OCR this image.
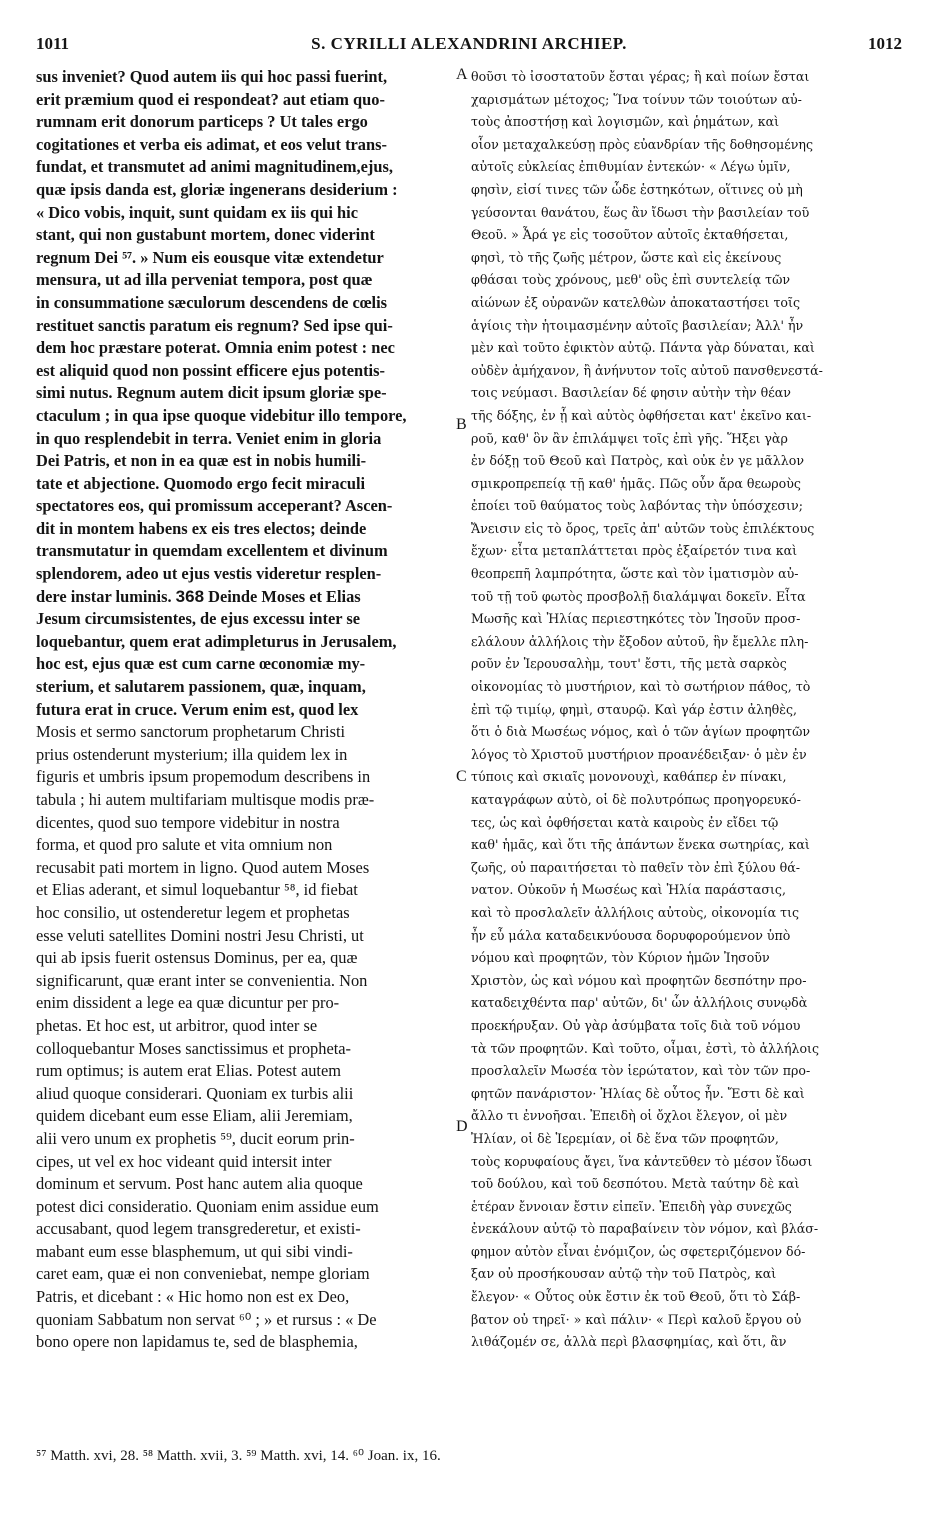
1011	S. CYRILLI ALEXANDRINI ARCHIEP.	1012
sus inveniet? Quod autem iis qui hoc passi fuerint,
erit præmium quod ei respondeat? aut etiam quo-
rumnam erit donorum particeps ? Ut tales ergo
cogitationes et verba eis adimat, et eos velut trans-
fundat, et transmutet ad animi magnitudinem,ejus,
quæ ipsis danda est, gloriæ ingenerans desiderium :
« Dico vobis, inquit, sunt quidam ex iis qui hic
stant, qui non gustabunt mortem, donec viderint
regnum Dei ⁵⁷. » Num eis eousque vitæ extendetur
mensura, ut ad illa perveniat tempora, post quæ
in consummatione sæculorum descendens de cœlis
restituet sanctis paratum eis regnum? Sed ipse qui-
dem hoc præstare poterat. Omnia enim potest : nec
est aliquid quod non possint efficere ejus potentis-
simi nutus. Regnum autem dicit ipsum gloriæ spe-
ctaculum ; in qua ipse quoque videbitur illo tempore,
in quo resplendebit in terra. Veniet enim in gloria
Dei Patris, et non in ea quæ est in nobis humili-
tate et abjectione. Quomodo ergo fecit miraculi
spectatores eos, qui promissum acceperant? Ascen-
dit in montem habens ex eis tres electos; deinde
transmutatur in quemdam excellentem et divinum
splendorem, adeo ut ejus vestis videretur resplen-
dere instar luminis. 368 Deinde Moses et Elias
Jesum circumsistentes, de ejus excessu inter se
loquebantur, quem erat adimpleturus in Jerusalem,
hoc est, ejus quæ est cum carne œconomiæ my-
sterium, et salutarem passionem, quæ, inquam,
futura erat in cruce. Verum enim est, quod lex
Mosis et sermo sanctorum prophetarum Christi
prius ostenderunt mysterium; illa quidem lex in
figuris et umbris ipsum propemodum describens in
tabula ; hi autem multifariam multisque modis præ-
dicentes, quod suo tempore videbitur in nostra
forma, et quod pro salute et vita omnium non
recusabit pati mortem in ligno. Quod autem Moses
et Elias aderant, et simul loquebantur ⁵⁸, id fiebat
hoc consilio, ut ostenderetur legem et prophetas
esse veluti satellites Domini nostri Jesu Christi, ut
qui ab ipsis fuerit ostensus Dominus, per ea, quæ
significarunt, quæ erant inter se convenientia. Non
enim dissident a lege ea quæ dicuntur per pro-
phetas. Et hoc est, ut arbitror, quod inter se
colloquebantur Moses sanctissimus et propheta-
rum optimus; is autem erat Elias. Potest autem
aliud quoque considerari. Quoniam ex turbis alii
quidem dicebant eum esse Eliam, alii Jeremiam,
alii vero unum ex prophetis ⁵⁹, ducit eorum prin-
cipes, ut vel ex hoc videant quid intersit inter
dominum et servum. Post hanc autem alia quoque
potest dici consideratio. Quoniam enim assidue eum
accusabant, quod legem transgrederetur, et existi-
mabant eum esse blasphemum, ut qui sibi vindi-
caret eam, quæ ei non conveniebat, nempe gloriam
Patris, et dicebant : « Hic homo non est ex Deo,
quoniam Sabbatum non servat ⁶⁰ ; » et rursus : « De
bono opere non lapidamus te, sed de blasphemia,
θοῦσι τὸ ἰσοστατοῦν ἔσται γέρας; ἢ καὶ ποίων ἔσται
χαρισμάτων μέτοχος; Ἵνα τοίνυν τῶν τοιούτων αὐ-
τοὺς ἀποστήσῃ καὶ λογισμῶν, καὶ ῥημάτων, καὶ
οἷον μεταχαλκεύσῃ πρὸς εὐανδρίαν τῆς δοθησομένης
αὐτοῖς εὐκλείας ἐπιθυμίαν ἐντεκών· « Λέγω ὑμῖν,
φησὶν, εἰσί τινες τῶν ὧδε ἑστηκότων, οἵτινες οὐ μὴ
γεύσονται θανάτου, ἕως ἂν ἴδωσι τὴν βασιλείαν τοῦ
Θεοῦ. » Ἆρά γε εἰς τοσοῦτον αὐτοῖς ἐκταθήσεται,
φησὶ, τὸ τῆς ζωῆς μέτρον, ὥστε καὶ εἰς ἐκείνους
φθάσαι τοὺς χρόνους, μεθ' οὓς ἐπὶ συντελείᾳ τῶν
αἰώνων ἐξ οὐρανῶν κατελθὼν ἀποκαταστήσει τοῖς
ἁγίοις τὴν ἡτοιμασμένην αὐτοῖς βασιλείαν; Ἀλλ' ἦν
μὲν καὶ τοῦτο ἐφικτὸν αὐτῷ. Πάντα γὰρ δύναται, καὶ
οὐδὲν ἀμήχανον, ἢ ἀνήνυτον τοῖς αὐτοῦ πανσθενεστά-
τοις νεύμασι. Βασιλείαν δέ φησιν αὐτὴν τὴν θέαν
τῆς δόξης, ἐν ᾗ καὶ αὐτὸς ὀφθήσεται κατ' ἐκεῖνο και-
ροῦ, καθ' ὃν ἂν ἐπιλάμψει τοῖς ἐπὶ γῆς. Ἥξει γὰρ
ἐν δόξῃ τοῦ Θεοῦ καὶ Πατρὸς, καὶ οὐκ ἐν γε μᾶλλον
σμικροπρεπείᾳ τῇ καθ' ἡμᾶς. Πῶς οὖν ἄρα θεωροὺς
ἐποίει τοῦ θαύματος τοὺς λαβόντας τὴν ὑπόσχεσιν;
Ἄνεισιν εἰς τὸ ὄρος, τρεῖς ἀπ' αὐτῶν τοὺς ἐπιλέκτους
ἔχων· εἶτα μεταπλάττεται πρὸς ἐξαίρετόν τινα καὶ
θεοπρεπῆ λαμπρότητα, ὥστε καὶ τὸν ἱματισμὸν αὐ-
τοῦ τῇ τοῦ φωτὸς προσβολῇ διαλάμψαι δοκεῖν. Εἶτα
Μωσῆς καὶ Ἠλίας περιεστηκότες τὸν Ἰησοῦν προσ-
ελάλουν ἀλλήλοις τὴν ἔξοδον αὐτοῦ, ἣν ἔμελλε πλη-
ροῦν ἐν Ἱερουσαλὴμ, τουτ' ἔστι, τῆς μετὰ σαρκὸς
οἰκονομίας τὸ μυστήριον, καὶ τὸ σωτήριον πάθος, τὸ
ἐπὶ τῷ τιμίῳ, φημὶ, σταυρῷ. Καὶ γάρ ἐστιν ἀληθὲς,
ὅτι ὁ διὰ Μωσέως νόμος, καὶ ὁ τῶν ἁγίων προφητῶν
λόγος τὸ Χριστοῦ μυστήριον προανέδειξαν· ὁ μὲν ἐν
τύποις καὶ σκιαῖς μονονουχὶ, καθάπερ ἐν πίνακι,
καταγράφων αὐτὸ, οἱ δὲ πολυτρόπως προηγορευκό-
τες, ὡς καὶ ὀφθήσεται κατὰ καιροὺς ἐν εἴδει τῷ
καθ' ἡμᾶς, καὶ ὅτι τῆς ἁπάντων ἕνεκα σωτηρίας, καὶ
ζωῆς, οὐ παραιτήσεται τὸ παθεῖν τὸν ἐπὶ ξύλου θά-
νατον. Οὐκοῦν ἡ Μωσέως καὶ Ἠλία παράστασις,
καὶ τὸ προσλαλεῖν ἀλλήλοις αὐτοὺς, οἰκονομία τις
ἦν εὖ μάλα καταδεικνύουσα δορυφορούμενον ὑπὸ
νόμου καὶ προφητῶν, τὸν Κύριον ἡμῶν Ἰησοῦν
Χριστὸν, ὡς καὶ νόμου καὶ προφητῶν δεσπότην προ-
καταδειχθέντα παρ' αὐτῶν, δι' ὧν ἀλλήλοις συνῳδὰ
προεκήρυξαν. Οὐ γὰρ ἀσύμβατα τοῖς διὰ τοῦ νόμου
τὰ τῶν προφητῶν. Καὶ τοῦτο, οἶμαι, ἐστὶ, τὸ ἀλλήλοις
προσλαλεῖν Μωσέα τὸν ἱερώτατον, καὶ τὸν τῶν προ-
φητῶν πανάριστον· Ἠλίας δὲ οὗτος ἦν. Ἔστι δὲ καὶ
ἄλλο τι ἐννοῆσαι. Ἐπειδὴ οἱ ὄχλοι ἔλεγον, οἱ μὲν
Ἠλίαν, οἱ δὲ Ἱερεμίαν, οἱ δὲ ἕνα τῶν προφητῶν,
τοὺς κορυφαίους ἄγει, ἵνα κἀντεῦθεν τὸ μέσον ἴδωσι
τοῦ δούλου, καὶ τοῦ δεσπότου. Μετὰ ταύτην δὲ καὶ
ἑτέραν ἔννοιαν ἔστιν εἰπεῖν. Ἐπειδὴ γὰρ συνεχῶς
ἐνεκάλουν αὐτῷ τὸ παραβαίνειν τὸν νόμον, καὶ βλάσ-
φημον αὐτὸν εἶναι ἐνόμιζον, ὡς σφετεριζόμενον δό-
ξαν οὐ προσήκουσαν αὐτῷ τὴν τοῦ Πατρὸς, καὶ
ἔλεγον· « Οὗτος οὐκ ἔστιν ἐκ τοῦ Θεοῦ, ὅτι τὸ Σάβ-
βατον οὐ τηρεῖ· » καὶ πάλιν· « Περὶ καλοῦ ἔργου οὐ
λιθάζομέν σε, ἀλλὰ περὶ βλασφημίας, καὶ ὅτι, ἂν
A
B
C
D
⁵⁷ Matth. xvi, 28. ⁵⁸ Matth. xvii, 3. ⁵⁹ Matth. xvi, 14. ⁶⁰ Joan. ix, 16.
